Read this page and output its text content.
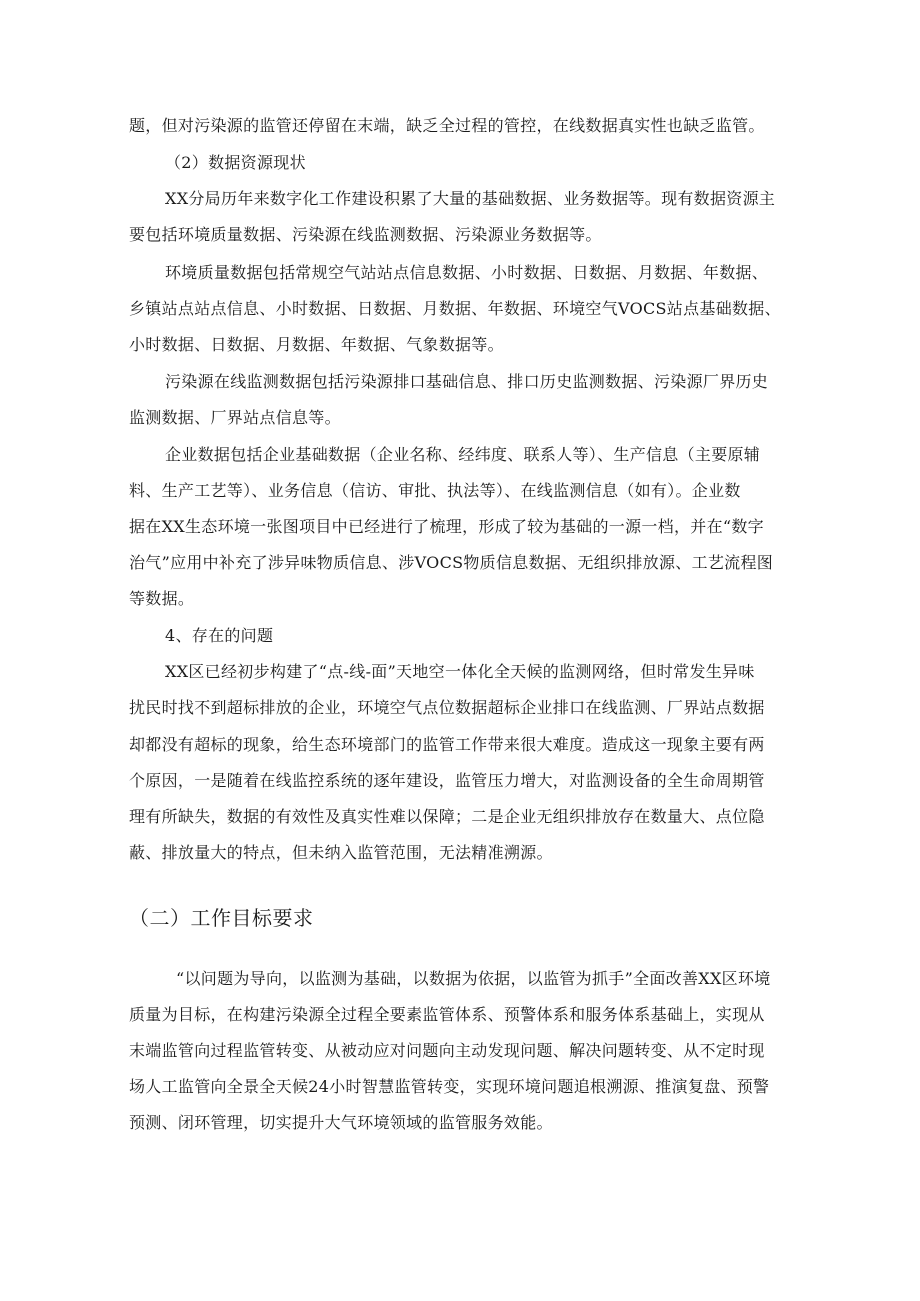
题，但对污染源的监管还停留在末端，缺乏全过程的管控，在线数据真实性也缺乏监管。
（2）数据资源现状
XX分局历年来数字化工作建设积累了大量的基础数据、业务数据等。现有数据资源主
要包括环境质量数据、污染源在线监测数据、污染源业务数据等。
环境质量数据包括常规空气站站点信息数据、小时数据、日数据、月数据、年数据、
乡镇站点站点信息、小时数据、日数据、月数据、年数据、环境空气VOCS站点基础数据、
小时数据、日数据、月数据、年数据、气象数据等。
污染源在线监测数据包括污染源排口基础信息、排口历史监测数据、污染源厂界历史
监测数据、厂界站点信息等。
企业数据包括企业基础数据（企业名称、经纬度、联系人等）、生产信息（主要原辅
料、生产工艺等）、业务信息（信访、审批、执法等）、在线监测信息（如有）。企业数
据在XX生态环境一张图项目中已经进行了梳理，形成了较为基础的一源一档，并在“数字
治气”应用中补充了涉异味物质信息、涉VOCS物质信息数据、无组织排放源、工艺流程图
等数据。
4、存在的问题
XX区已经初步构建了“点-线-面”天地空一体化全天候的监测网络，但时常发生异味
扰民时找不到超标排放的企业，环境空气点位数据超标企业排口在线监测、厂界站点数据
却都没有超标的现象，给生态环境部门的监管工作带来很大难度。造成这一现象主要有两
个原因，一是随着在线监控系统的逐年建设，监管压力增大，对监测设备的全生命周期管
理有所缺失，数据的有效性及真实性难以保障；二是企业无组织排放存在数量大、点位隐
蔽、排放量大的特点，但未纳入监管范围，无法精准溯源。
（二）工作目标要求
“以问题为导向，以监测为基础，以数据为依据，以监管为抓手”全面改善XX区环境
质量为目标，在构建污染源全过程全要素监管体系、预警体系和服务体系基础上，实现从
末端监管向过程监管转变、从被动应对问题向主动发现问题、解决问题转变、从不定时现
场人工监管向全景全天候24小时智慧监管转变，实现环境问题追根溯源、推演复盘、预警
预测、闭环管理，切实提升大气环境领域的监管服务效能。
